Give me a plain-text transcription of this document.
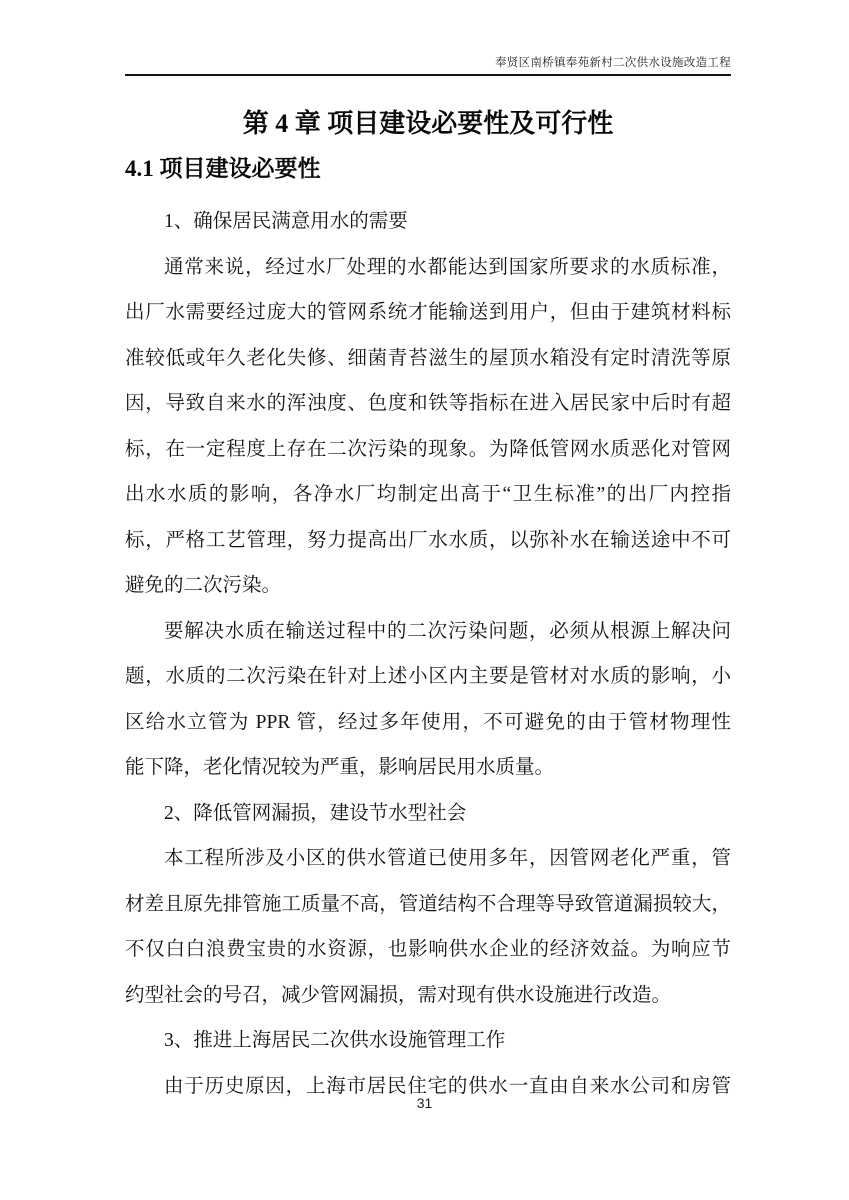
奉贤区南桥镇奉苑新村二次供水设施改造工程
第 4 章 项目建设必要性及可行性
4.1 项目建设必要性
1、确保居民满意用水的需要
通常来说，经过水厂处理的水都能达到国家所要求的水质标准，
出厂水需要经过庞大的管网系统才能输送到用户，但由于建筑材料标
准较低或年久老化失修、细菌青苔滋生的屋顶水箱没有定时清洗等原
因，导致自来水的浑浊度、色度和铁等指标在进入居民家中后时有超
标，在一定程度上存在二次污染的现象。为降低管网水质恶化对管网
出水水质的影响，各净水厂均制定出高于“卫生标准”的出厂内控指
标，严格工艺管理，努力提高出厂水水质，以弥补水在输送途中不可
避免的二次污染。
要解决水质在输送过程中的二次污染问题，必须从根源上解决问
题，水质的二次污染在针对上述小区内主要是管材对水质的影响，小
区给水立管为 PPR 管，经过多年使用，不可避免的由于管材物理性
能下降，老化情况较为严重，影响居民用水质量。
2、降低管网漏损，建设节水型社会
本工程所涉及小区的供水管道已使用多年，因管网老化严重，管
材差且原先排管施工质量不高，管道结构不合理等导致管道漏损较大，
不仅白白浪费宝贵的水资源，也影响供水企业的经济效益。为响应节
约型社会的号召，减少管网漏损，需对现有供水设施进行改造。
3、推进上海居民二次供水设施管理工作
由于历史原因，上海市居民住宅的供水一直由自来水公司和房管
31
